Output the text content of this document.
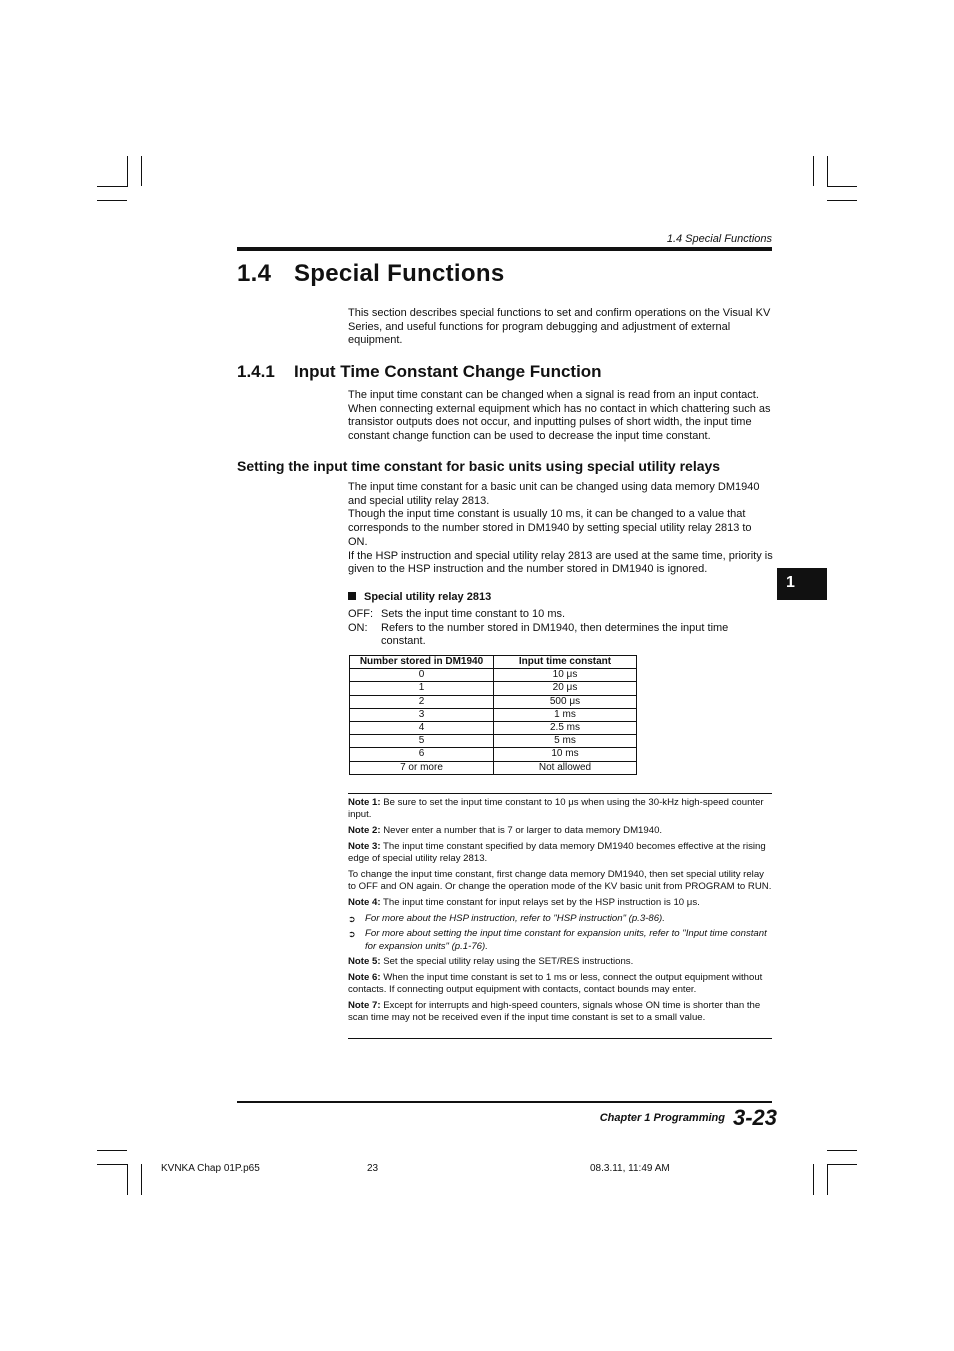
1.4 Special Functions
1.4 Special Functions

This section describes special functions to set and confirm operations on the Visual KV Series, and useful functions for program debugging and adjustment of external equipment.

1.4.1 Input Time Constant Change Function

The input time constant can be changed when a signal is read from an input contact. When connecting external equipment which has no contact in which chattering such as transistor outputs does not occur, and inputting pulses of short width, the input time constant change function can be used to decrease the input time constant.

Setting the input time constant for basic units using special utility relays

The input time constant for a basic unit can be changed using data memory DM1940 and special utility relay 2813.

Though the input time constant is usually 10 ms, it can be changed to a value that corresponds to the number stored in DM1940 by setting special utility relay 2813 to ON.

If the HSP instruction and special utility relay 2813 are used at the same time, priority is given to the HSP instruction and the number stored in DM1940 is ignored.

Special utility relay 2813
OFF: Sets the input time constant to 10 ms.
ON:	Refers to the number stored in DM1940, then determines the input time constant.
Number stored in DM1940	Input time constant
0	10 μs
1	20 μs
2	500 μs
3	1 ms
4	2.5 ms
5	5 ms
6	10 ms
7 or more	Not allowed

Note 1: Be sure to set the input time constant to 10 μs when using the 30-kHz high-speed counter input.

Note 2: Never enter a number that is 7 or larger to data memory DM1940.

Note 3: The input time constant specified by data memory DM1940 becomes effective at the rising edge of special utility relay 2813.

To change the input time constant, first change data memory DM1940, then set special utility relay to OFF and ON again. Or change the operation mode of the KV basic unit from PROGRAM to RUN.

Note 4: The input time constant for input relays set by the HSP instruction is 10 μs.

➲ For more about the HSP instruction, refer to "HSP instruction" (p.3-86).

➲ For more about setting the input time constant for expansion units, refer to "Input time constant for expansion units" (p.1-76).

Note 5: Set the special utility relay using the SET/RES instructions.

Note 6: When the input time constant is set to 1 ms or less, connect the output equipment without contacts. If connecting output equipment with contacts, contact bounds may enter.

Note 7: Except for interrupts and high-speed counters, signals whose ON time is shorter than the scan time may not be received even if the input time constant is set to a small value.

1
Chapter 1 Programming 3-23
KVNKA Chap 01P.p65	23	08.3.11, 11:49 AM
